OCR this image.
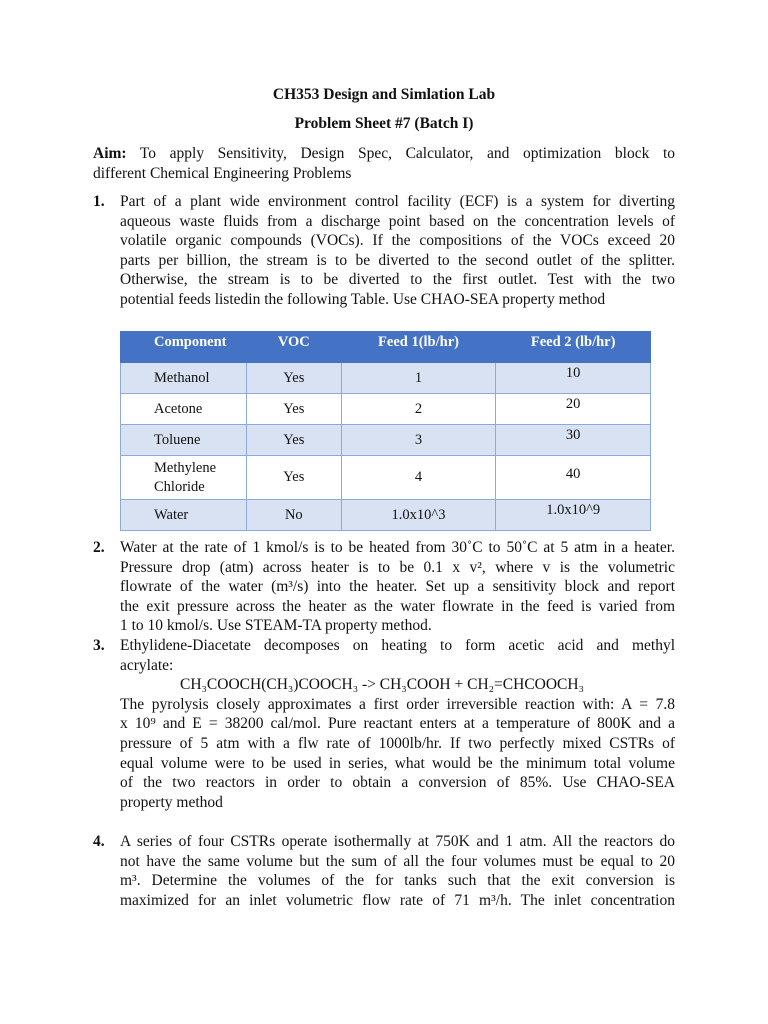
CH353 Design and Simlation Lab
Problem Sheet #7 (Batch I)
Aim: To apply Sensitivity, Design Spec, Calculator, and optimization block to
different Chemical Engineering Problems
1. Part of a plant wide environment control facility (ECF) is a system for diverting
aqueous waste fluids from a discharge point based on the concentration levels of
volatile organic compounds (VOCs). If the compositions of the VOCs exceed 20
parts per billion, the stream is to be diverted to the second outlet of the splitter.
Otherwise, the stream is to be diverted to the first outlet. Test with the two
potential feeds listedin the following Table. Use CHAO-SEA property method
Component	VOC	Feed 1(lb/hr)	Feed 2 (lb/hr)
Methanol	Yes	1	10
Acetone	Yes	2	20
Toluene	Yes	3	30
Methylene Chloride	Yes	4	40
Water	No	1.0x10^3	1.0x10^9
2. Water at the rate of 1 kmol/s is to be heated from 30˚C to 50˚C at 5 atm in a heater.
Pressure drop (atm) across heater is to be 0.1 x v², where v is the volumetric
flowrate of the water (m³/s) into the heater. Set up a sensitivity block and report
the exit pressure across the heater as the water flowrate in the feed is varied from
1 to 10 kmol/s. Use STEAM-TA property method.
3. Ethylidene-Diacetate decomposes on heating to form acetic acid and methyl
acrylate:
CH₃COOCH(CH₃)COOCH₃ -> CH₃COOH + CH₂=CHCOOCH₃
The pyrolysis closely approximates a first order irreversible reaction with: A = 7.8
x 10⁹ and E = 38200 cal/mol. Pure reactant enters at a temperature of 800K and a
pressure of 5 atm with a flw rate of 1000lb/hr. If two perfectly mixed CSTRs of
equal volume were to be used in series, what would be the minimum total volume
of the two reactors in order to obtain a conversion of 85%. Use CHAO-SEA
property method
4. A series of four CSTRs operate isothermally at 750K and 1 atm. All the reactors do
not have the same volume but the sum of all the four volumes must be equal to 20
m³. Determine the volumes of the for tanks such that the exit conversion is
maximized for an inlet volumetric flow rate of 71 m³/h. The inlet concentration
